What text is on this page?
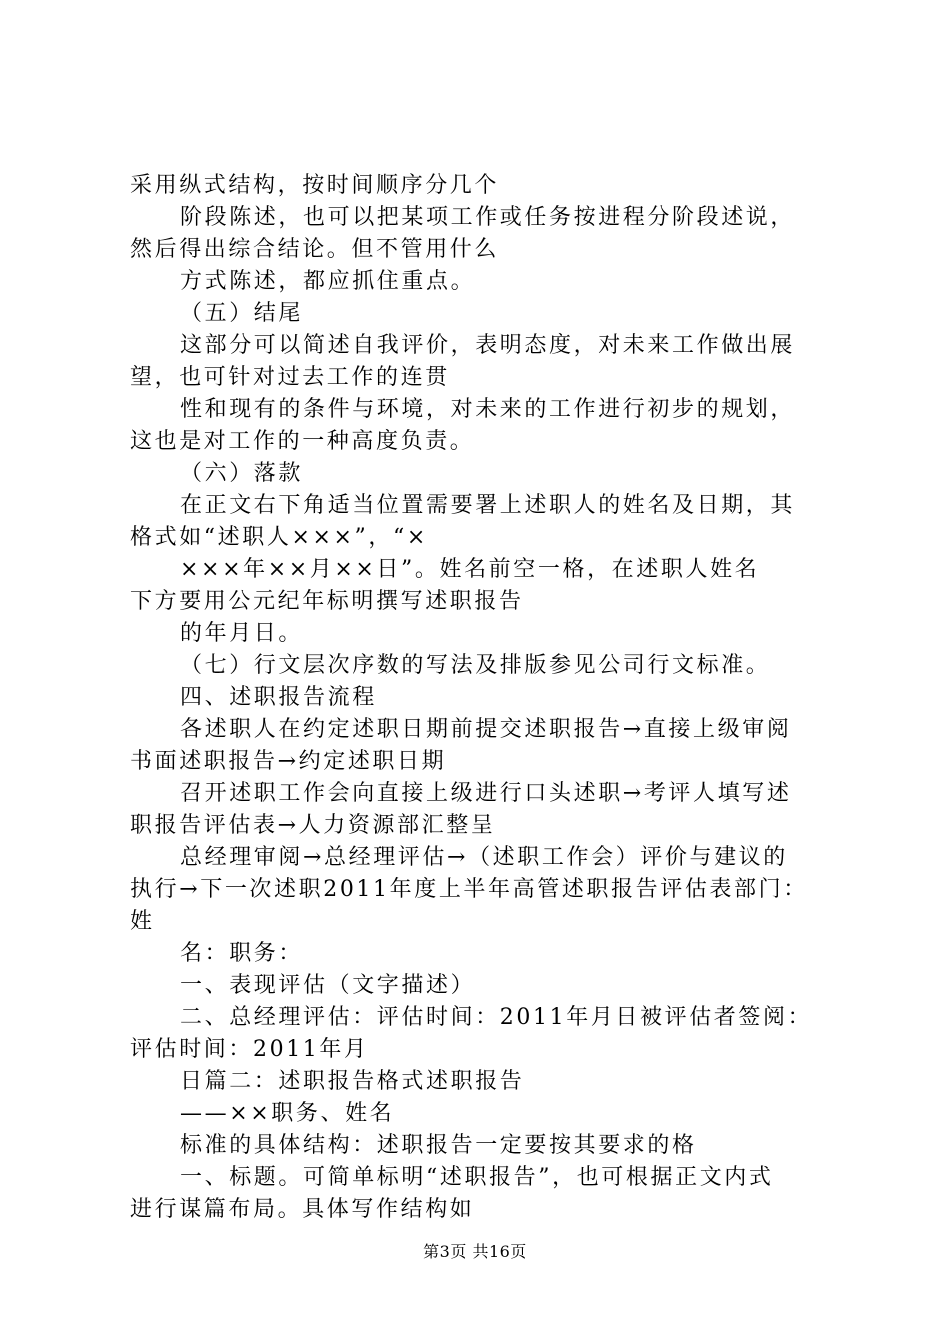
采用纵式结构，按时间顺序分几个
阶段陈述，也可以把某项工作或任务按进程分阶段述说，
然后得出综合结论。但不管用什么
方式陈述，都应抓住重点。
（五）结尾
这部分可以简述自我评价，表明态度，对未来工作做出展
望，也可针对过去工作的连贯
性和现有的条件与环境，对未来的工作进行初步的规划，
这也是对工作的一种高度负责。
（六）落款
在正文右下角适当位置需要署上述职人的姓名及日期，其
格式如“述职人×××”，“×
×××年××月××日”。姓名前空一格，在述职人姓名
下方要用公元纪年标明撰写述职报告
的年月日。
（七）行文层次序数的写法及排版参见公司行文标准。
四、述职报告流程
各述职人在约定述职日期前提交述职报告→直接上级审阅
书面述职报告→约定述职日期
召开述职工作会向直接上级进行口头述职→考评人填写述
职报告评估表→人力资源部汇整呈
总经理审阅→总经理评估→（述职工作会）评价与建议的
执行→下一次述职2011年度上半年高管述职报告评估表部门：
姓
名：职务：
一、表现评估（文字描述）
二、总经理评估：评估时间：2011年月日被评估者签阅：
评估时间：2011年月
日篇二：述职报告格式述职报告
——××职务、姓名
标准的具体结构：述职报告一定要按其要求的格
一、标题。可简单标明“述职报告”，也可根据正文内式
进行谋篇布局。具体写作结构如
第3页 共16页
